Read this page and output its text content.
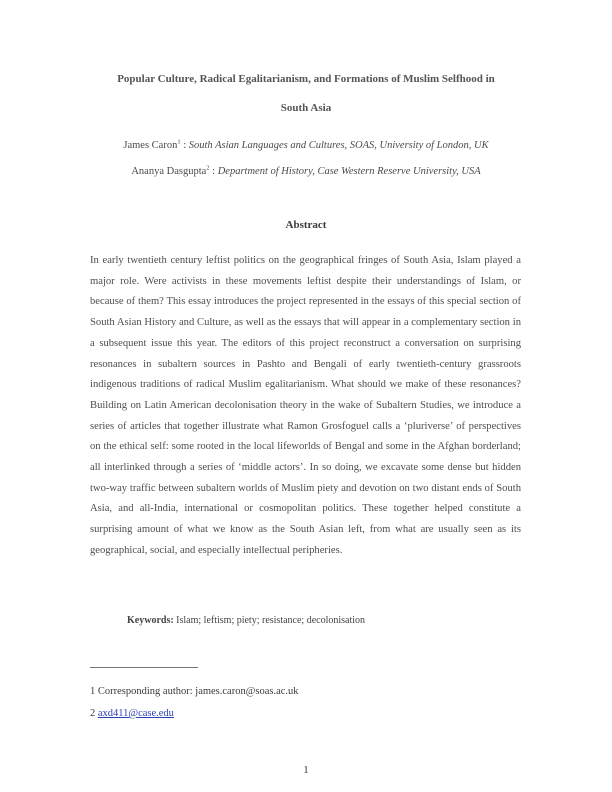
Popular Culture, Radical Egalitarianism, and Formations of Muslim Selfhood in
South Asia
James Caron$^1$ : South Asian Languages and Cultures, SOAS, University of London, UK
Ananya Dasgupta$^2$ : Department of History, Case Western Reserve University, USA
Abstract

In early twentieth century leftist politics on the geographical fringes of South Asia, Islam played a major role. Were activists in these movements leftist despite their understandings of Islam, or because of them? This essay introduces the project represented in the essays of this special section of South Asian History and Culture, as well as the essays that will appear in a complementary section in a subsequent issue this year. The editors of this project reconstruct a conversation on surprising resonances in subaltern sources in Pashto and Bengali of early twentieth-century grassroots indigenous traditions of radical Muslim egalitarianism. What should we make of these resonances? Building on Latin American decolonisation theory in the wake of Subaltern Studies, we introduce a series of articles that together illustrate what Ramon Grosfoguel calls a ‘pluriverse’ of perspectives on the ethical self: some rooted in the local lifeworlds of Bengal and some in the Afghan borderland; all interlinked through a series of ‘middle actors’. In so doing, we excavate some dense but hidden two-way traffic between subaltern worlds of Muslim piety and devotion on two distant ends of South Asia, and all-India, international or cosmopolitan politics. These together helped constitute a surprising amount of what we know as the South Asian left, from what are usually seen as its geographical, social, and especially intellectual peripheries.

Keywords: Islam; leftism; piety; resistance; decolonisation
1 Corresponding author: james.caron@soas.ac.uk
2 axd411@case.edu
1
